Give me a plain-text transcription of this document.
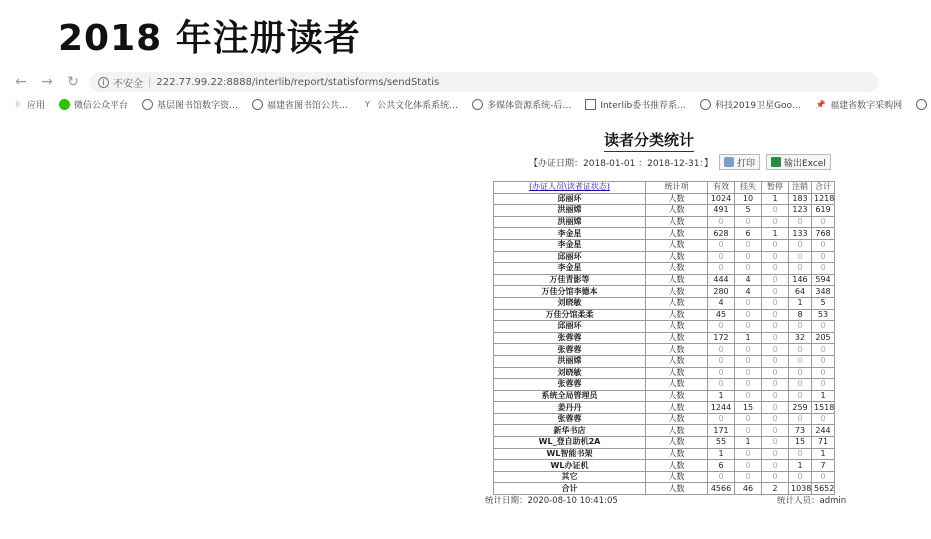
2018 年注册读者
← → ↻	i 不安全 | 222.77.99.22:8888/interlib/report/statisforms/sendStatis
⁝⁝ 应用	微信公众平台	基层图书馆数字资…	福建省图书馆公共…	Y 公共文化体系系统…	多媒体资源系统-后…	Interlib委书推荐系…	科技2019卫星Goo… 📌 福建省数字采购网
读者分类统计
【办证日期：2018-01-01 ：2018-12-31：】	打印	输出Excel
(办证人员\读者证状态)	统计项	有效	挂失	暂停	注销	合计
邱丽环	人数	1024	10	1	183	1218
洪丽嫦	人数	491	5	0	123	619
洪丽嫦	人数	0	0	0	0	0
李金星	人数	628	6	1	133	768
李金星	人数	0	0	0	0	0
邱丽环	人数	0	0	0	0	0
李金星	人数	0	0	0	0	0
万佳青影等	人数	444	4	0	146	594
万佳分馆李德本	人数	280	4	0	64	348
刘晓敏	人数	4	0	0	1	5
万佳分馆柔柔	人数	45	0	0	8	53
邱丽环	人数	0	0	0	0	0
张蓉蓉	人数	172	1	0	32	205
张蓉蓉	人数	0	0	0	0	0
洪丽嫦	人数	0	0	0	0	0
刘晓敏	人数	0	0	0	0	0
张蓉蓉	人数	0	0	0	0	0
系统全局管理员	人数	1	0	0	0	1
姜丹丹	人数	1244	15	0	259	1518
张蓉蓉	人数	0	0	0	0	0
新华书店	人数	171	0	0	73	244
WL_登自助机2A	人数	55	1	0	15	71
WL智能书架	人数	1	0	0	0	1
WL办证机	人数	6	0	0	1	7
其它	人数	0	0	0	0	0
合计	人数	4566	46	2	1038	5652
统计日期：2020-08-10 10:41:05	统计人员：admin
